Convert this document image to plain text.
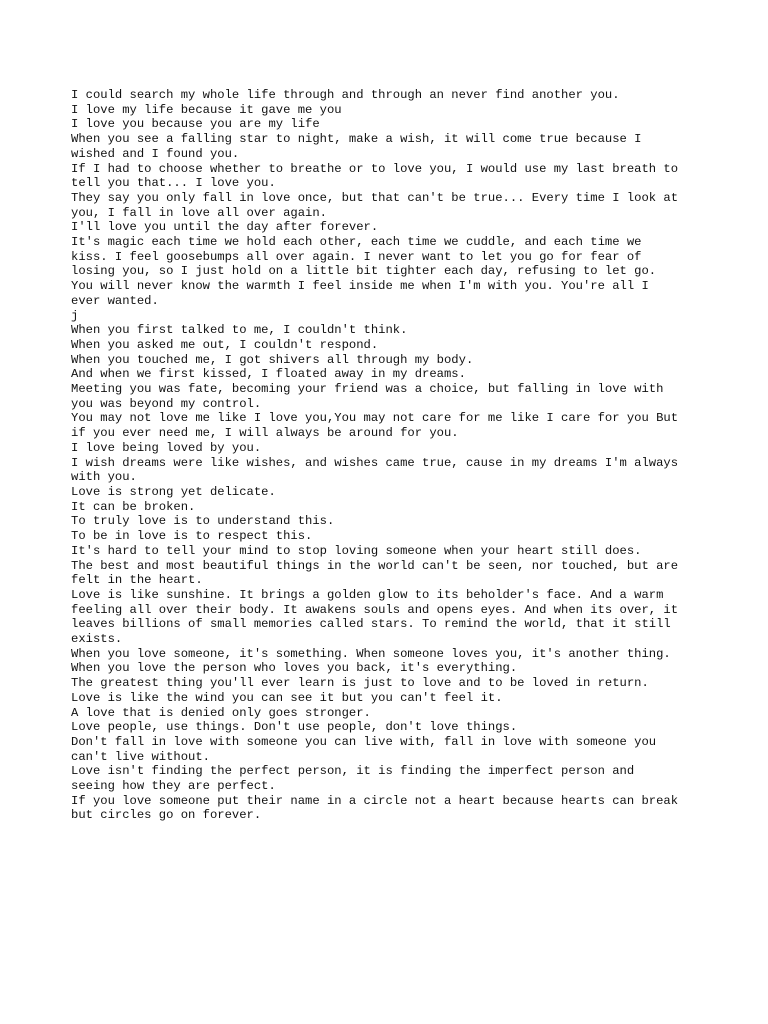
I could search my whole life through and through an never find another you.
I love my life because it gave me you
I love you because you are my life
When you see a falling star to night, make a wish, it will come true because I
wished and I found you.
If I had to choose whether to breathe or to love you, I would use my last breath to
tell you that... I love you.
They say you only fall in love once, but that can't be true... Every time I look at
you, I fall in love all over again.
I'll love you until the day after forever.
It's magic each time we hold each other, each time we cuddle, and each time we
kiss. I feel goosebumps all over again. I never want to let you go for fear of
losing you, so I just hold on a little bit tighter each day, refusing to let go.
You will never know the warmth I feel inside me when I'm with you. You're all I
ever wanted.
j
When you first talked to me, I couldn't think.
When you asked me out, I couldn't respond.
When you touched me, I got shivers all through my body.
And when we first kissed, I floated away in my dreams.
Meeting you was fate, becoming your friend was a choice, but falling in love with
you was beyond my control.
You may not love me like I love you,You may not care for me like I care for you But
if you ever need me, I will always be around for you.
I love being loved by you.
I wish dreams were like wishes, and wishes came true, cause in my dreams I'm always
with you.
Love is strong yet delicate.
It can be broken.
To truly love is to understand this.
To be in love is to respect this.
It's hard to tell your mind to stop loving someone when your heart still does.
The best and most beautiful things in the world can't be seen, nor touched, but are
felt in the heart.
Love is like sunshine. It brings a golden glow to its beholder's face. And a warm
feeling all over their body. It awakens souls and opens eyes. And when its over, it
leaves billions of small memories called stars. To remind the world, that it still
exists.
When you love someone, it's something. When someone loves you, it's another thing.
When you love the person who loves you back, it's everything.
The greatest thing you'll ever learn is just to love and to be loved in return.
Love is like the wind you can see it but you can't feel it.
A love that is denied only goes stronger.
Love people, use things. Don't use people, don't love things.
Don't fall in love with someone you can live with, fall in love with someone you
can't live without.
Love isn't finding the perfect person, it is finding the imperfect person and
seeing how they are perfect.
If you love someone put their name in a circle not a heart because hearts can break
but circles go on forever.
